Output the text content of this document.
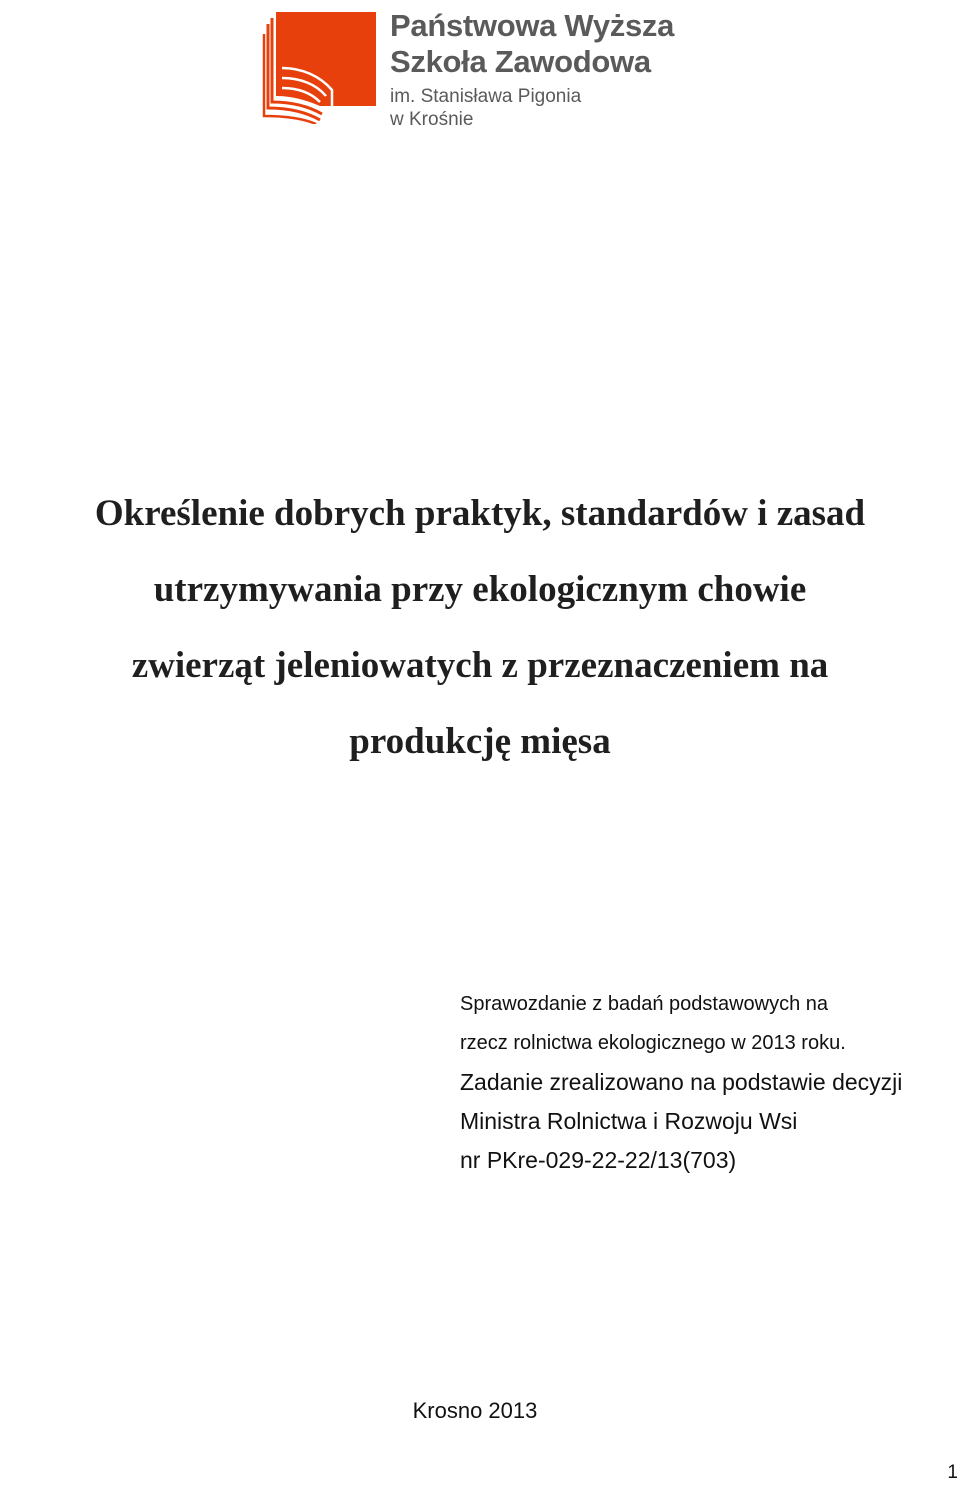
Państwowa Wyższa
Szkoła Zawodowa
im. Stanisława Pigonia
w Krośnie
Określenie dobrych praktyk, standardów i zasad
utrzymywania przy ekologicznym chowie
zwierząt jeleniowatych z przeznaczeniem na
produkcję mięsa
Sprawozdanie z badań podstawowych na
rzecz rolnictwa ekologicznego w 2013 roku.
Zadanie zrealizowano na podstawie decyzji
Ministra Rolnictwa i Rozwoju Wsi
nr PKre-029-22-22/13(703)
Krosno 2013
1
